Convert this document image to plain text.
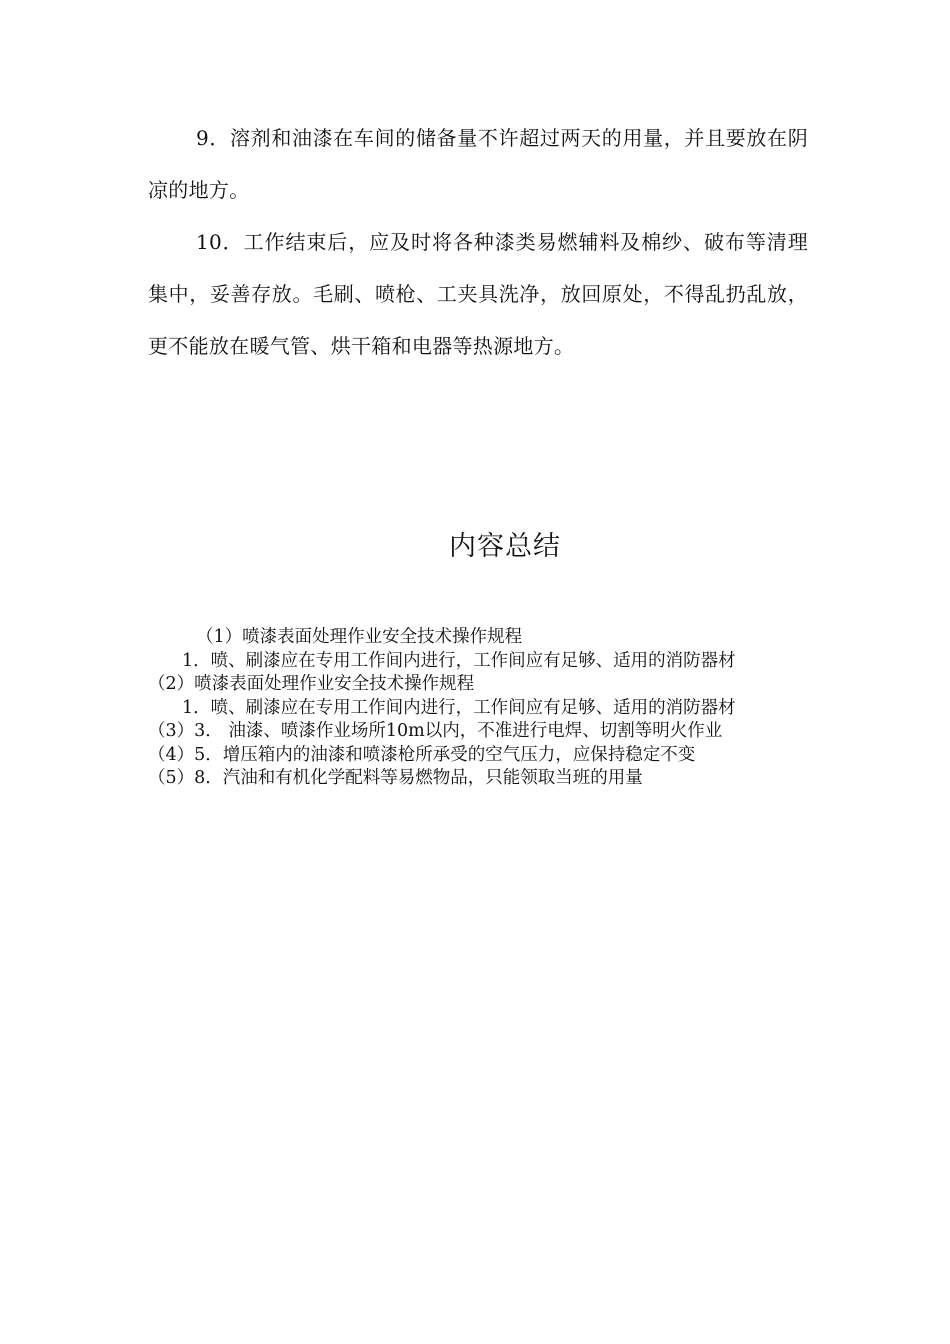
9．溶剂和油漆在车间的储备量不许超过两天的用量，并且要放在阴凉的地方。

10．工作结束后，应及时将各种漆类易燃辅料及棉纱、破布等清理集中，妥善存放。毛刷、喷枪、工夹具洗净，放回原处，不得乱扔乱放，更不能放在暖气管、烘干箱和电器等热源地方。

内容总结
（1）喷漆表面处理作业安全技术操作规程
1．喷、刷漆应在专用工作间内进行，工作间应有足够、适用的消防器材
（2）喷漆表面处理作业安全技术操作规程
1．喷、刷漆应在专用工作间内进行，工作间应有足够、适用的消防器材
（3）3． 油漆、喷漆作业场所10m以内，不准进行电焊、切割等明火作业
（4）5．增压箱内的油漆和喷漆枪所承受的空气压力，应保持稳定不变
（5）8．汽油和有机化学配料等易燃物品，只能领取当班的用量
